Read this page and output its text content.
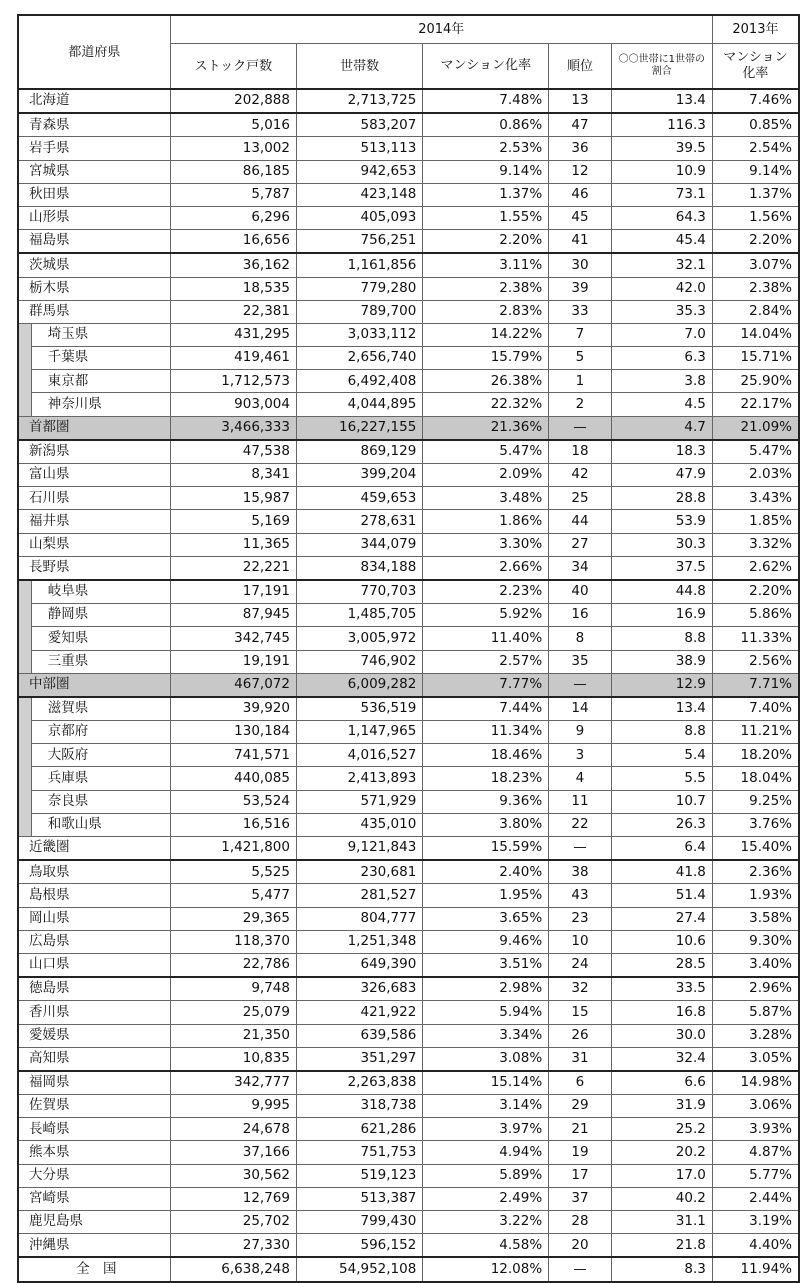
都道府県		2014年					2013年
		ストック戸数	世帯数	マンション化率	順位	〇〇世帯に1世帯の割合	マンション化率
北海道		202,888	2,713,725	7.48%	13	13.4	7.46%
青森県		5,016	583,207	0.86%	47	116.3	0.85%
岩手県		13,002	513,113	2.53%	36	39.5	2.54%
宮城県		86,185	942,653	9.14%	12	10.9	9.14%
秋田県		5,787	423,148	1.37%	46	73.1	1.37%
山形県		6,296	405,093	1.55%	45	64.3	1.56%
福島県		16,656	756,251	2.20%	41	45.4	2.20%
茨城県		36,162	1,161,856	3.11%	30	32.1	3.07%
栃木県		18,535	779,280	2.38%	39	42.0	2.38%
群馬県		22,381	789,700	2.83%	33	35.3	2.84%
	埼玉県	431,295	3,033,112	14.22%	7	7.0	14.04%
	千葉県	419,461	2,656,740	15.79%	5	6.3	15.71%
	東京都	1,712,573	6,492,408	26.38%	1	3.8	25.90%
	神奈川県	903,004	4,044,895	22.32%	2	4.5	22.17%
首都圏		3,466,333	16,227,155	21.36%	—	4.7	21.09%
新潟県		47,538	869,129	5.47%	18	18.3	5.47%
富山県		8,341	399,204	2.09%	42	47.9	2.03%
石川県		15,987	459,653	3.48%	25	28.8	3.43%
福井県		5,169	278,631	1.86%	44	53.9	1.85%
山梨県		11,365	344,079	3.30%	27	30.3	3.32%
長野県		22,221	834,188	2.66%	34	37.5	2.62%
	岐阜県	17,191	770,703	2.23%	40	44.8	2.20%
	静岡県	87,945	1,485,705	5.92%	16	16.9	5.86%
	愛知県	342,745	3,005,972	11.40%	8	8.8	11.33%
	三重県	19,191	746,902	2.57%	35	38.9	2.56%
中部圏		467,072	6,009,282	7.77%	—	12.9	7.71%
	滋賀県	39,920	536,519	7.44%	14	13.4	7.40%
	京都府	130,184	1,147,965	11.34%	9	8.8	11.21%
	大阪府	741,571	4,016,527	18.46%	3	5.4	18.20%
	兵庫県	440,085	2,413,893	18.23%	4	5.5	18.04%
	奈良県	53,524	571,929	9.36%	11	10.7	9.25%
	和歌山県	16,516	435,010	3.80%	22	26.3	3.76%
近畿圏		1,421,800	9,121,843	15.59%	—	6.4	15.40%
鳥取県		5,525	230,681	2.40%	38	41.8	2.36%
島根県		5,477	281,527	1.95%	43	51.4	1.93%
岡山県		29,365	804,777	3.65%	23	27.4	3.58%
広島県		118,370	1,251,348	9.46%	10	10.6	9.30%
山口県		22,786	649,390	3.51%	24	28.5	3.40%
徳島県		9,748	326,683	2.98%	32	33.5	2.96%
香川県		25,079	421,922	5.94%	15	16.8	5.87%
愛媛県		21,350	639,586	3.34%	26	30.0	3.28%
高知県		10,835	351,297	3.08%	31	32.4	3.05%
福岡県		342,777	2,263,838	15.14%	6	6.6	14.98%
佐賀県		9,995	318,738	3.14%	29	31.9	3.06%
長崎県		24,678	621,286	3.97%	21	25.2	3.93%
熊本県		37,166	751,753	4.94%	19	20.2	4.87%
大分県		30,562	519,123	5.89%	17	17.0	5.77%
宮崎県		12,769	513,387	2.49%	37	40.2	2.44%
鹿児島県		25,702	799,430	3.22%	28	31.1	3.19%
沖縄県		27,330	596,152	4.58%	20	21.8	4.40%
全　国		6,638,248	54,952,108	12.08%	—	8.3	11.94%
